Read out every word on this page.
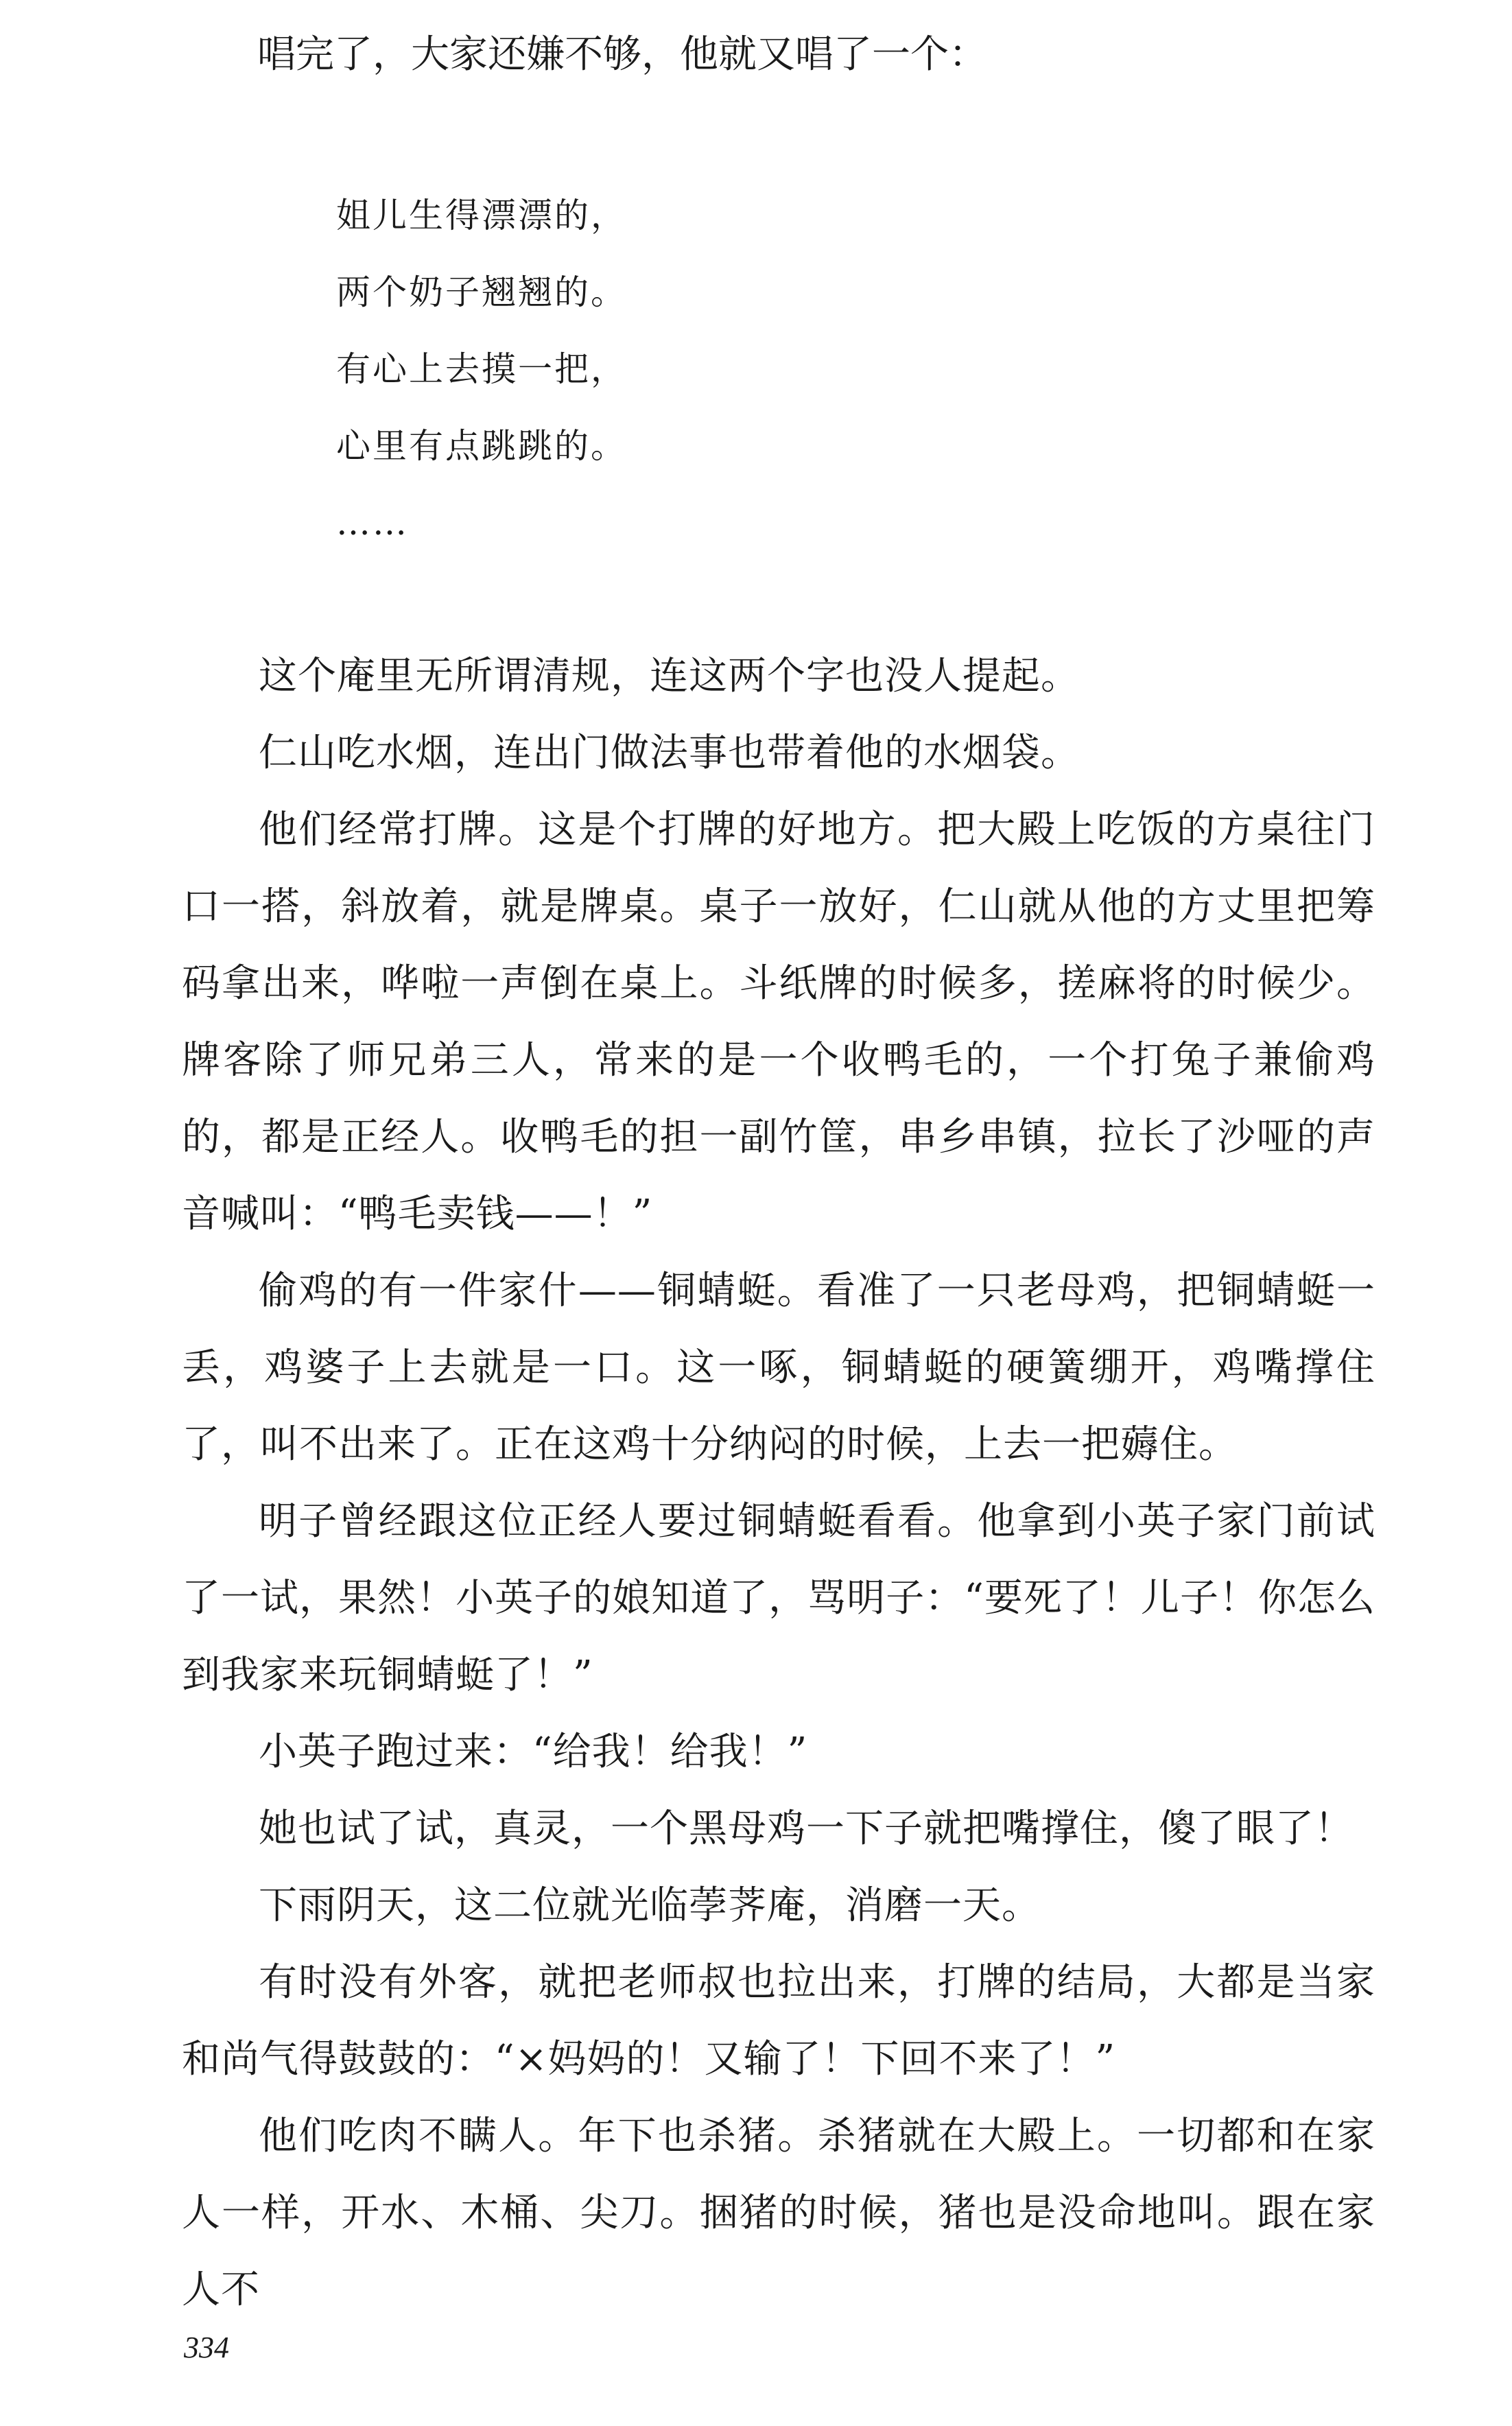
唱完了，大家还嫌不够，他就又唱了一个：
姐儿生得漂漂的，
两个奶子翘翘的。
有心上去摸一把，
心里有点跳跳的。
……

这个庵里无所谓清规，连这两个字也没人提起。

仁山吃水烟，连出门做法事也带着他的水烟袋。

他们经常打牌。这是个打牌的好地方。把大殿上吃饭的方桌往门口一搭，斜放着，就是牌桌。桌子一放好，仁山就从他的方丈里把筹码拿出来，哗啦一声倒在桌上。斗纸牌的时候多，搓麻将的时候少。牌客除了师兄弟三人，常来的是一个收鸭毛的，一个打兔子兼偷鸡的，都是正经人。收鸭毛的担一副竹筐，串乡串镇，拉长了沙哑的声音喊叫：“鸭毛卖钱——！”

偷鸡的有一件家什——铜蜻蜓。看准了一只老母鸡，把铜蜻蜓一丢，鸡婆子上去就是一口。这一啄，铜蜻蜓的硬簧绷开，鸡嘴撑住了，叫不出来了。正在这鸡十分纳闷的时候，上去一把薅住。

明子曾经跟这位正经人要过铜蜻蜓看看。他拿到小英子家门前试了一试，果然！小英子的娘知道了，骂明子：“要死了！儿子！你怎么到我家来玩铜蜻蜓了！”

小英子跑过来：“给我！给我！”

她也试了试，真灵，一个黑母鸡一下子就把嘴撑住，傻了眼了！

下雨阴天，这二位就光临荸荠庵，消磨一天。

有时没有外客，就把老师叔也拉出来，打牌的结局，大都是当家和尚气得鼓鼓的：“×妈妈的！又输了！下回不来了！”

他们吃肉不瞒人。年下也杀猪。杀猪就在大殿上。一切都和在家人一样，开水、木桶、尖刀。捆猪的时候，猪也是没命地叫。跟在家人不

334
